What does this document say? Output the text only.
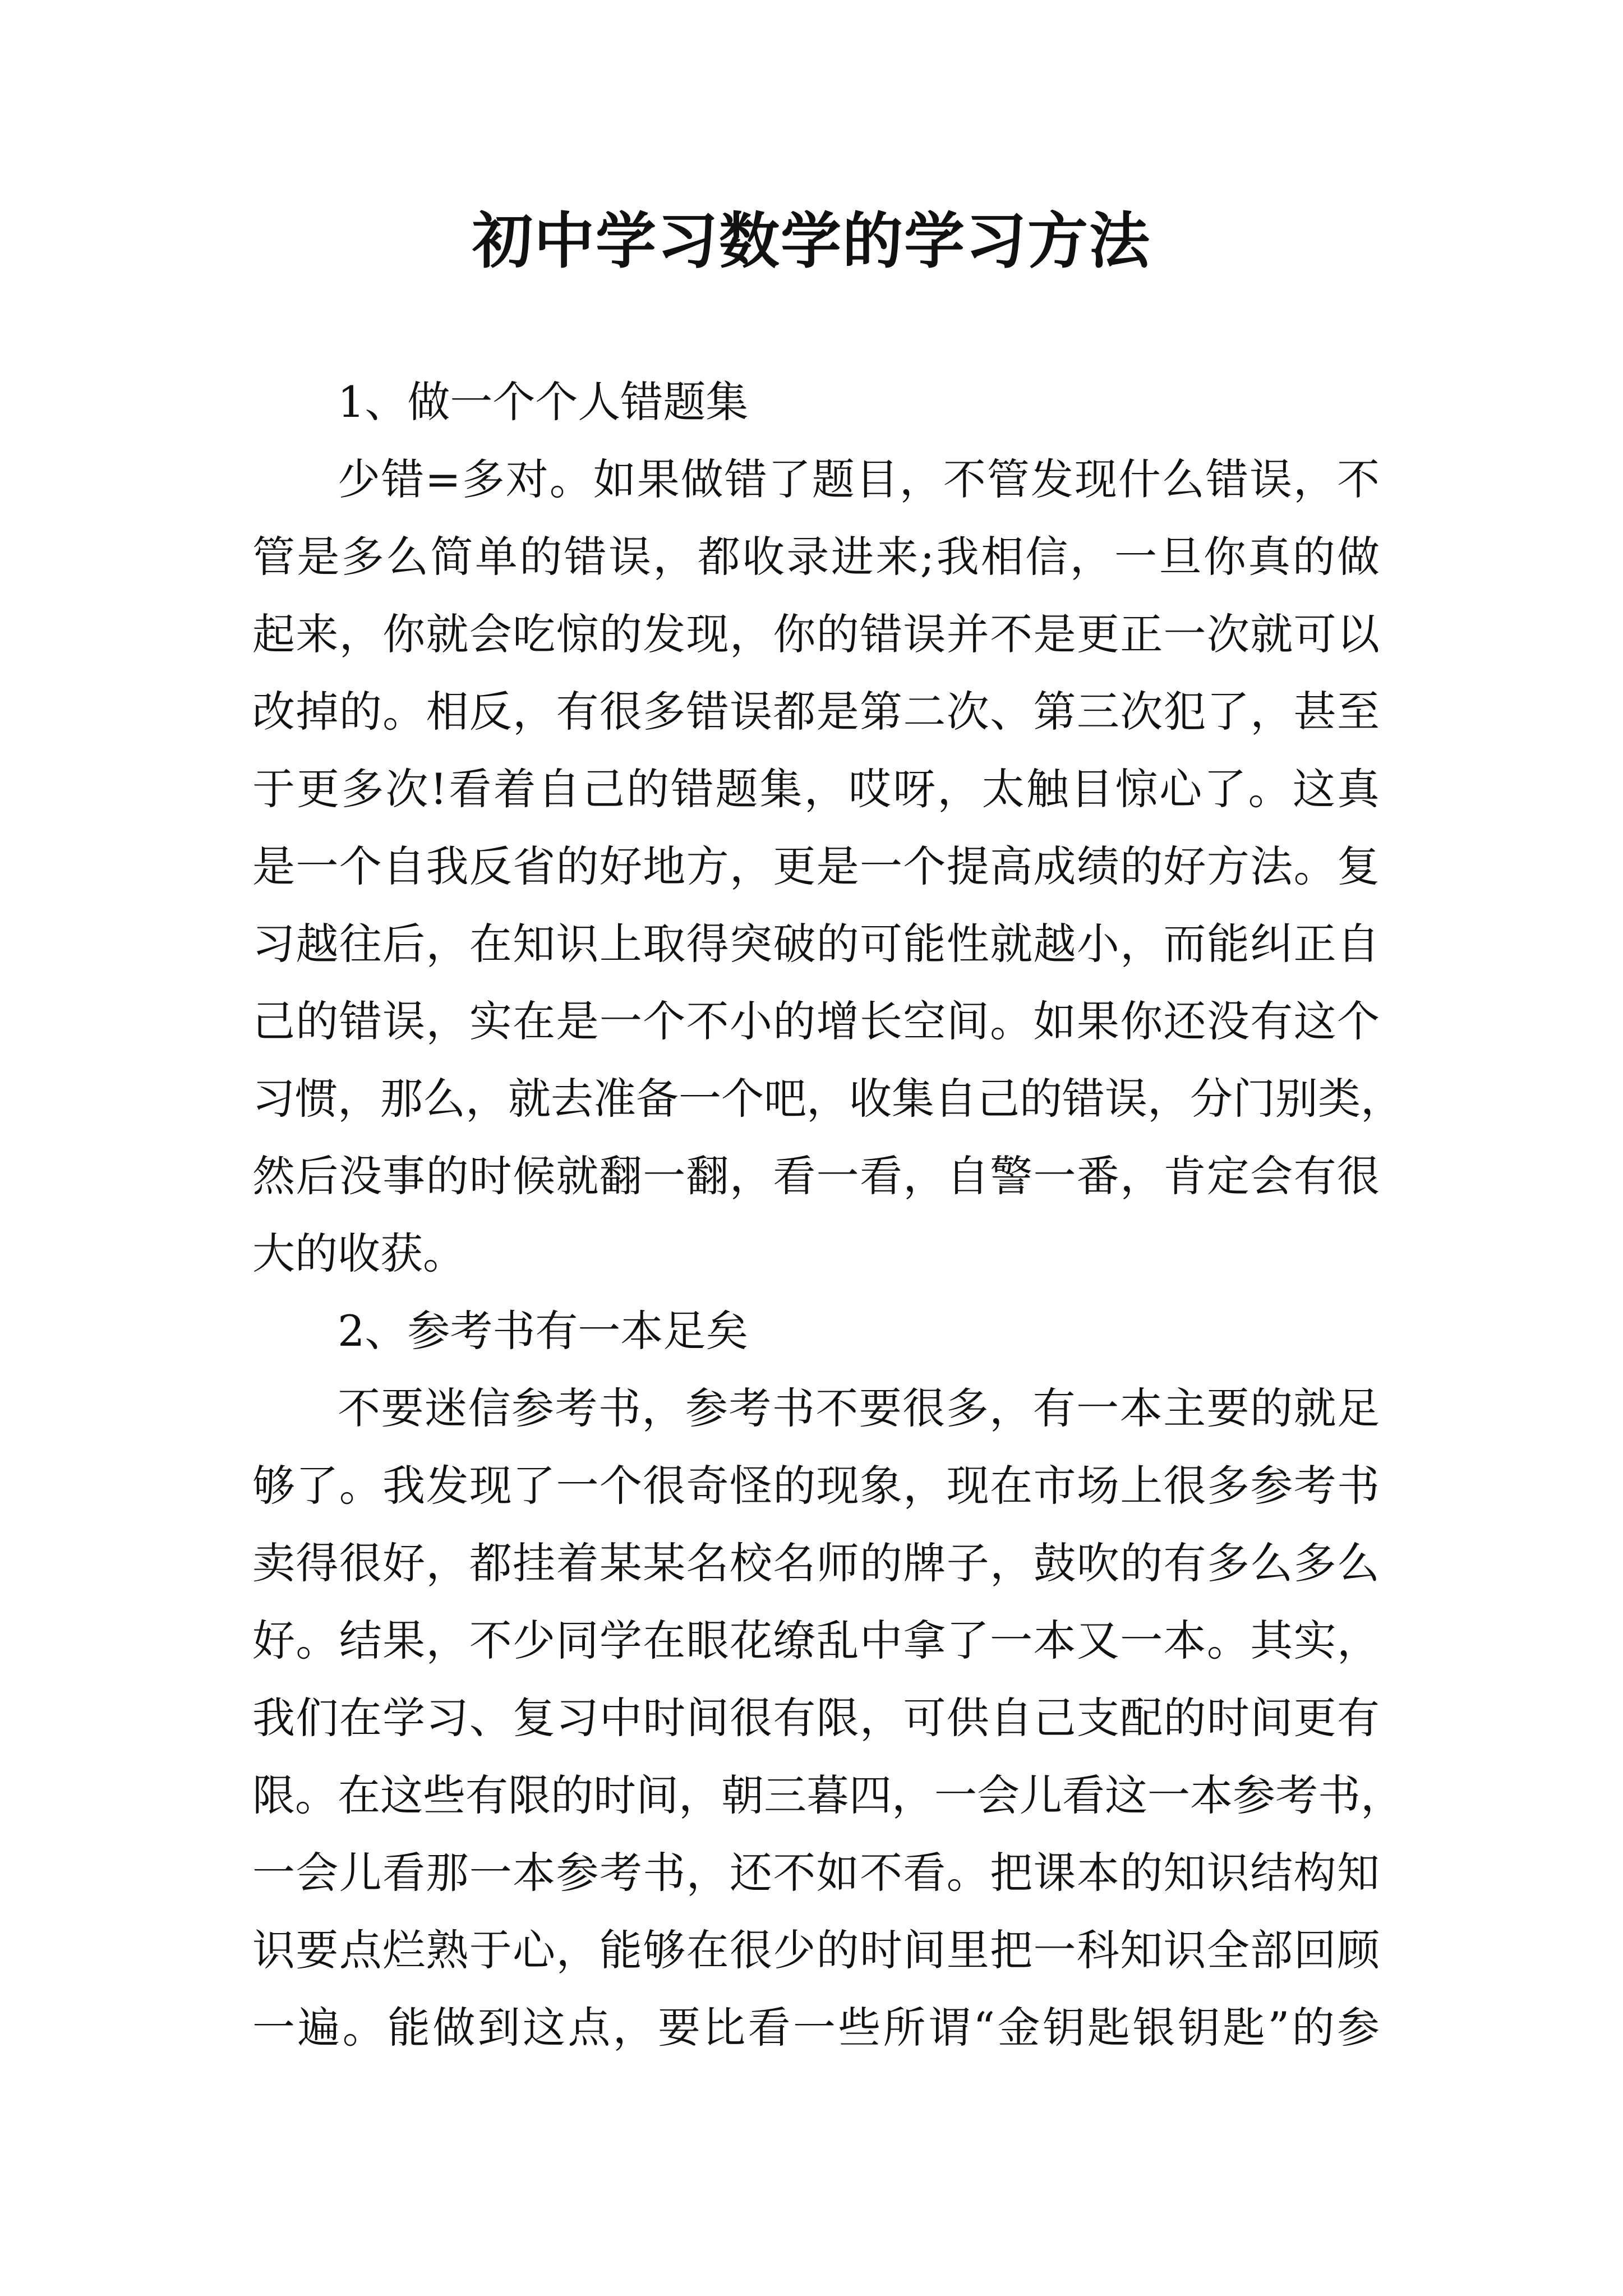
初中学习数学的学习方法
1、做一个个人错题集
少错=多对。如果做错了题目，不管发现什么错误，不
管是多么简单的错误，都收录进来;我相信，一旦你真的做
起来，你就会吃惊的发现，你的错误并不是更正一次就可以
改掉的。相反，有很多错误都是第二次、第三次犯了，甚至
于更多次!看着自己的错题集，哎呀，太触目惊心了。这真
是一个自我反省的好地方，更是一个提高成绩的好方法。复
习越往后，在知识上取得突破的可能性就越小，而能纠正自
己的错误，实在是一个不小的增长空间。如果你还没有这个
习惯，那么，就去准备一个吧，收集自己的错误，分门别类，
然后没事的时候就翻一翻，看一看，自警一番，肯定会有很
大的收获。
2、参考书有一本足矣
不要迷信参考书，参考书不要很多，有一本主要的就足
够了。我发现了一个很奇怪的现象，现在市场上很多参考书
卖得很好，都挂着某某名校名师的牌子，鼓吹的有多么多么
好。结果，不少同学在眼花缭乱中拿了一本又一本。其实，
我们在学习、复习中时间很有限，可供自己支配的时间更有
限。在这些有限的时间，朝三暮四，一会儿看这一本参考书，
一会儿看那一本参考书，还不如不看。把课本的知识结构知
识要点烂熟于心，能够在很少的时间里把一科知识全部回顾
一遍。能做到这点，要比看一些所谓“金钥匙银钥匙”的参
